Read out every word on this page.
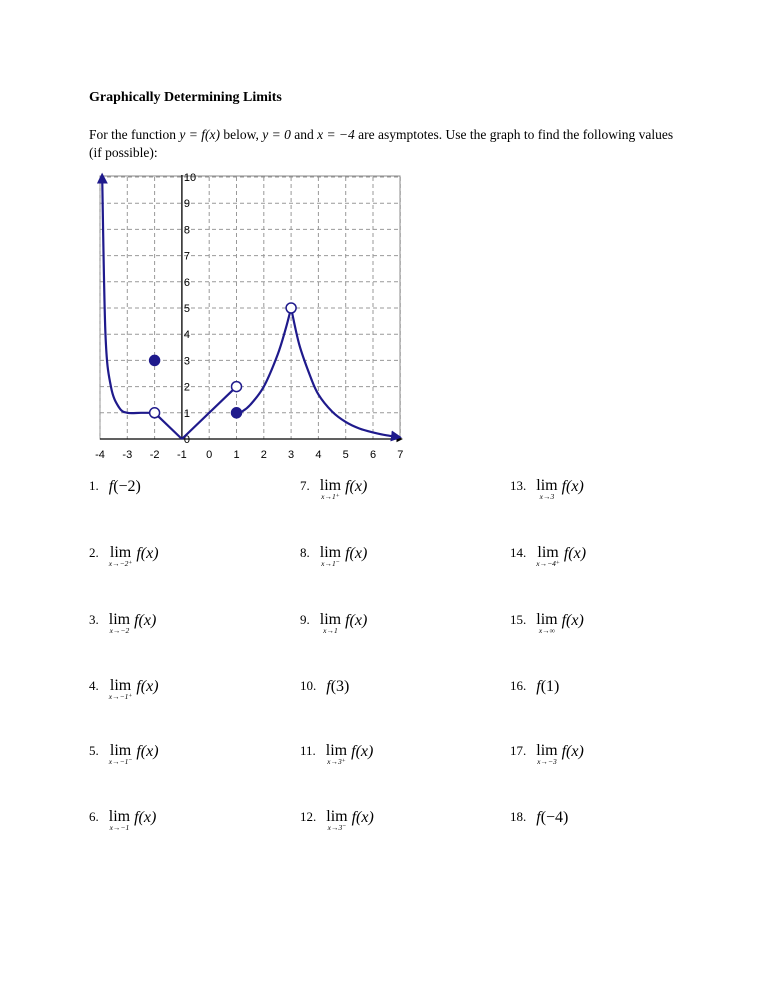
Graphically Determining Limits
For the function y = f(x) below, y = 0 and x = −4 are asymptotes. Use the graph to find the following values (if possible):
-4 -3 -2 -1 0 1 2 3 4 5 6 7
0
1
2
3
4
5
6
7
8
9
10
1. f(−2)
2. lim
x→−2⁺
f(x)
3. lim
x→−2
f(x)
4. lim
x→−1⁺
f(x)
5. lim
x→−1⁻
f(x)
6. lim
x→−1
f(x)
7. lim
x→1⁺
f(x)
8. lim
x→1⁻
f(x)
9. lim
x→1
f(x)
10. f(3)
11. lim
x→3⁺
f(x)
12. lim
x→3⁻
f(x)
13. lim
x→3
f(x)
14. lim
x→−4⁺
f(x)
15. lim
x→∞
f(x)
16. f(1)
17. lim
x→−3
f(x)
18. f(−4)
